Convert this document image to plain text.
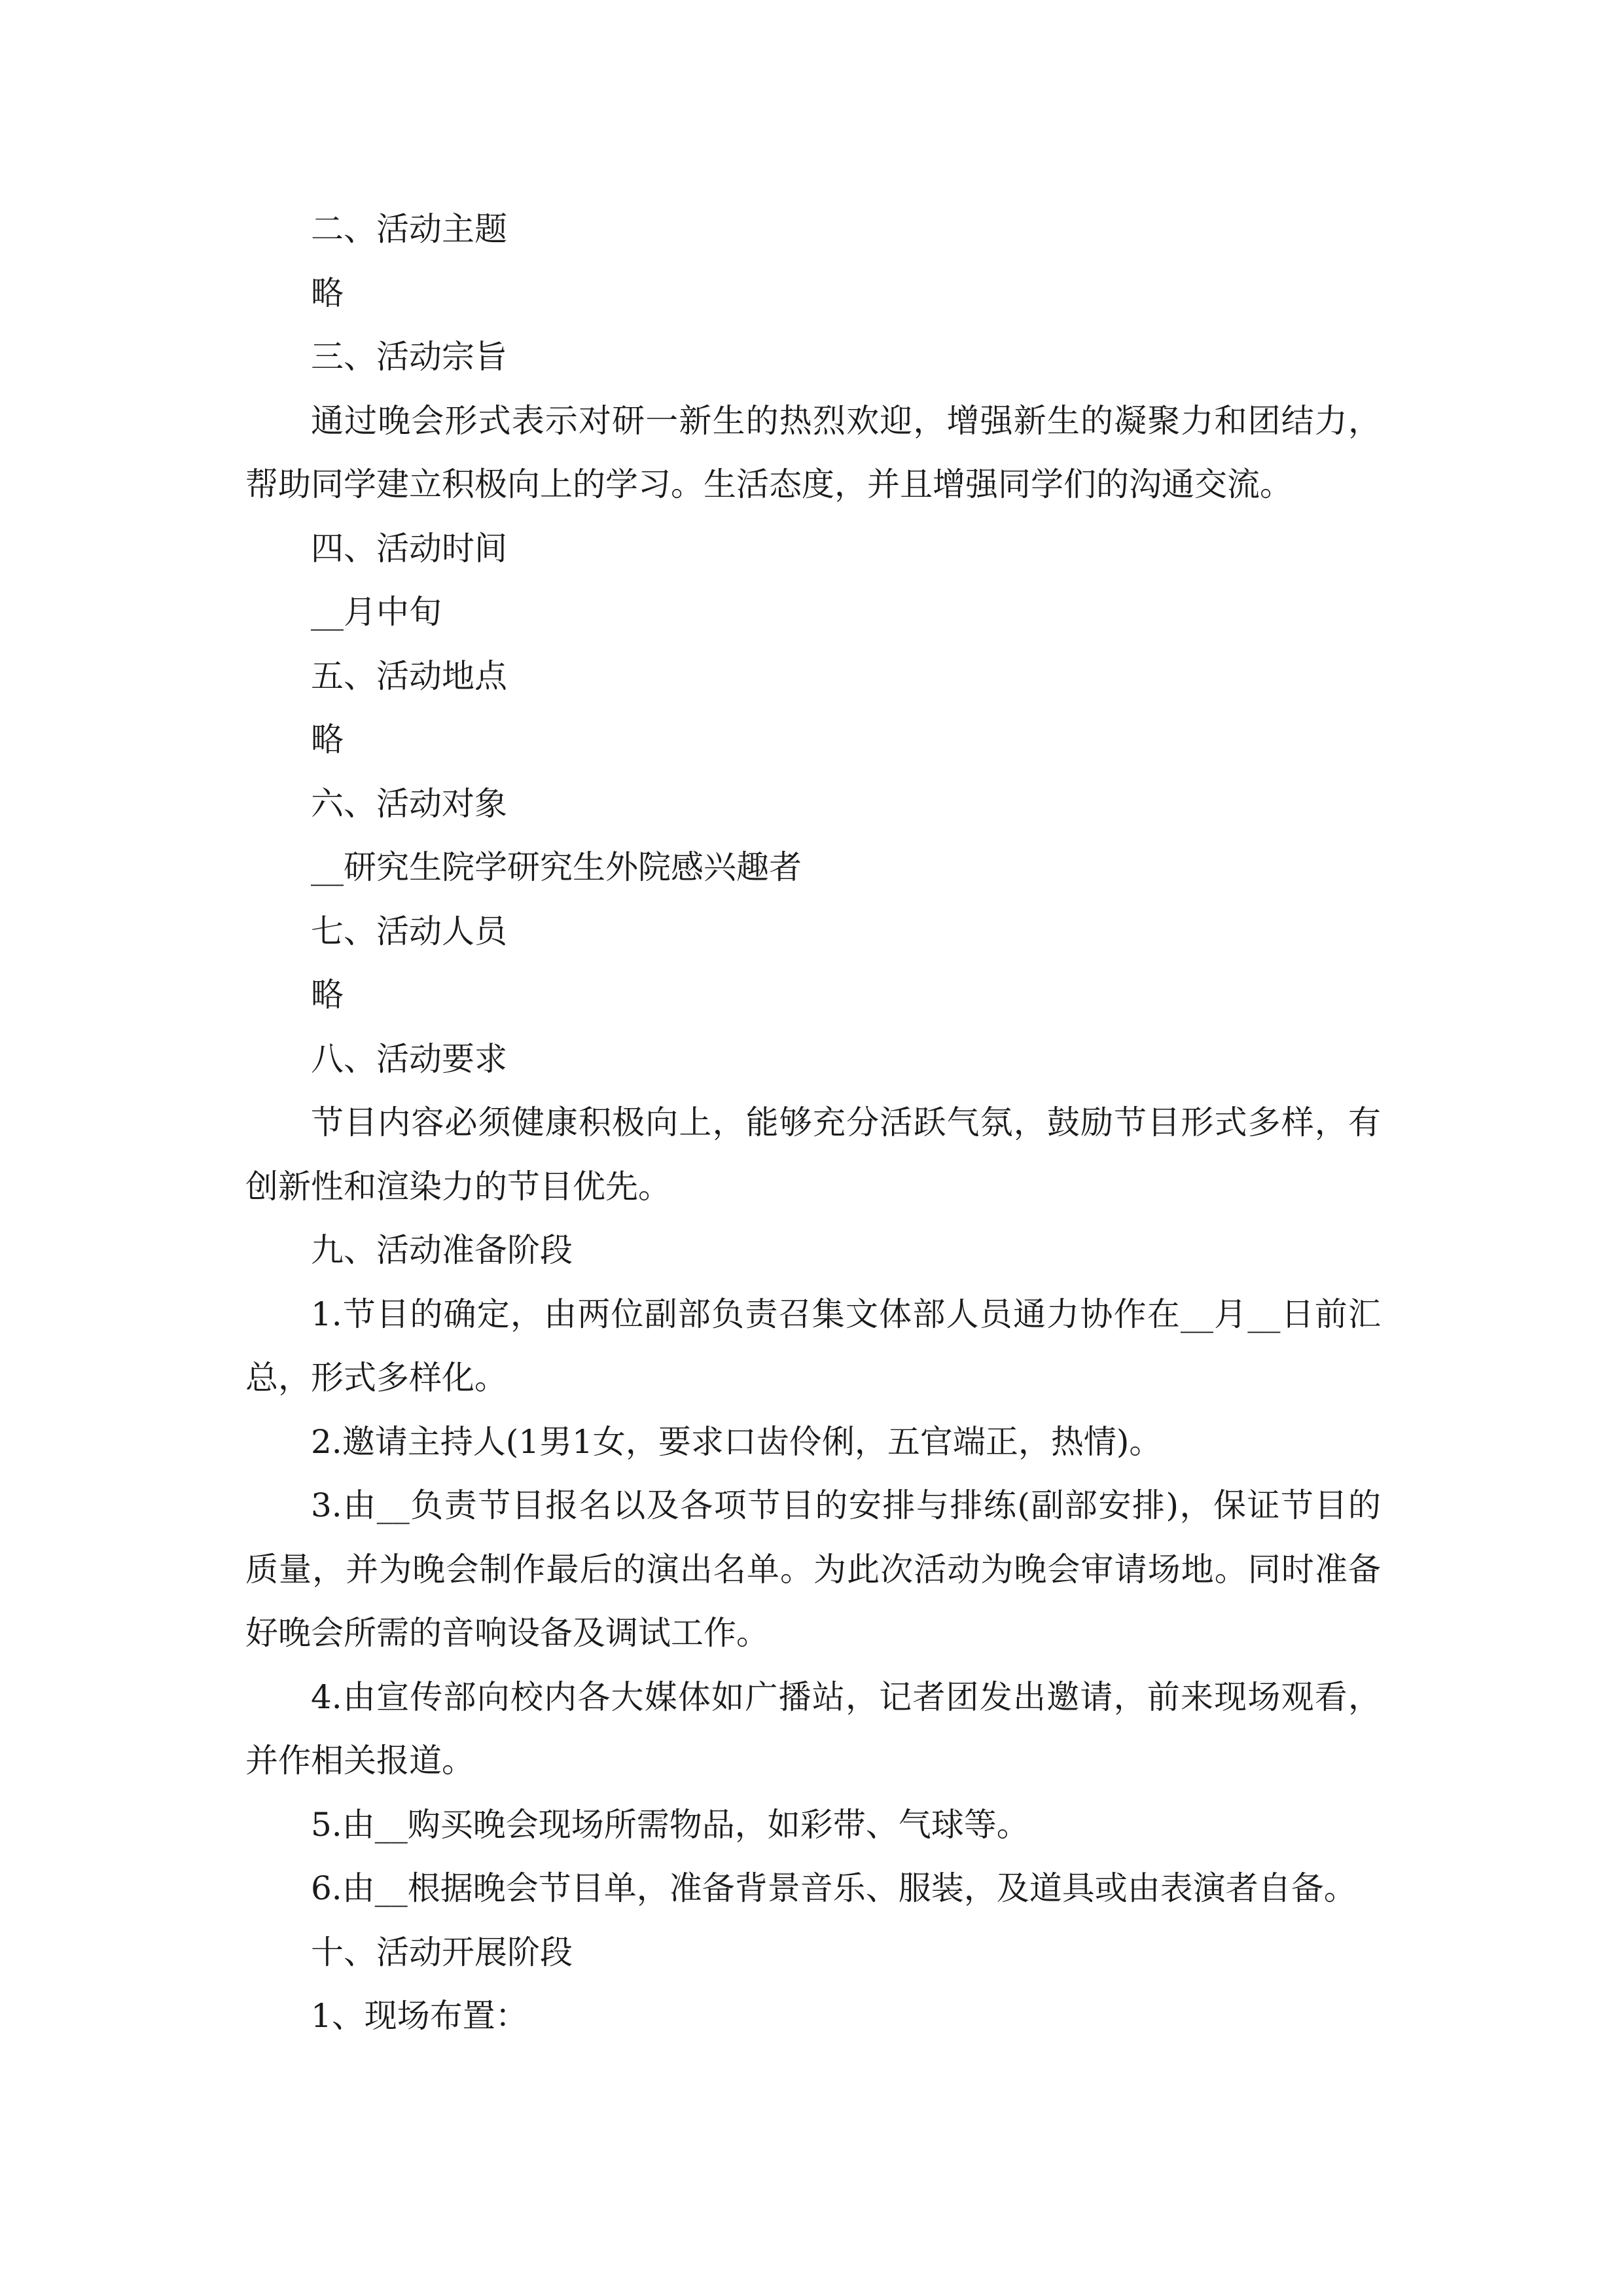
二、活动主题

略

三、活动宗旨

通过晚会形式表示对研一新生的热烈欢迎，增强新生的凝聚力和团结力，帮助同学建立积极向上的学习。生活态度，并且增强同学们的沟通交流。

四、活动时间

__月中旬

五、活动地点

略

六、活动对象

__研究生院学研究生外院感兴趣者

七、活动人员

略

八、活动要求

节目内容必须健康积极向上，能够充分活跃气氛，鼓励节目形式多样，有创新性和渲染力的节目优先。

九、活动准备阶段

1.节目的确定，由两位副部负责召集文体部人员通力协作在__月__日前汇总，形式多样化。

2.邀请主持人(1男1女，要求口齿伶俐，五官端正，热情)。

3.由__负责节目报名以及各项节目的安排与排练(副部安排)，保证节目的质量，并为晚会制作最后的演出名单。为此次活动为晚会审请场地。同时准备好晚会所需的音响设备及调试工作。

4.由宣传部向校内各大媒体如广播站，记者团发出邀请，前来现场观看，并作相关报道。

5.由__购买晚会现场所需物品，如彩带、气球等。

6.由__根据晚会节目单，准备背景音乐、服装，及道具或由表演者自备。

十、活动开展阶段

1、现场布置：
